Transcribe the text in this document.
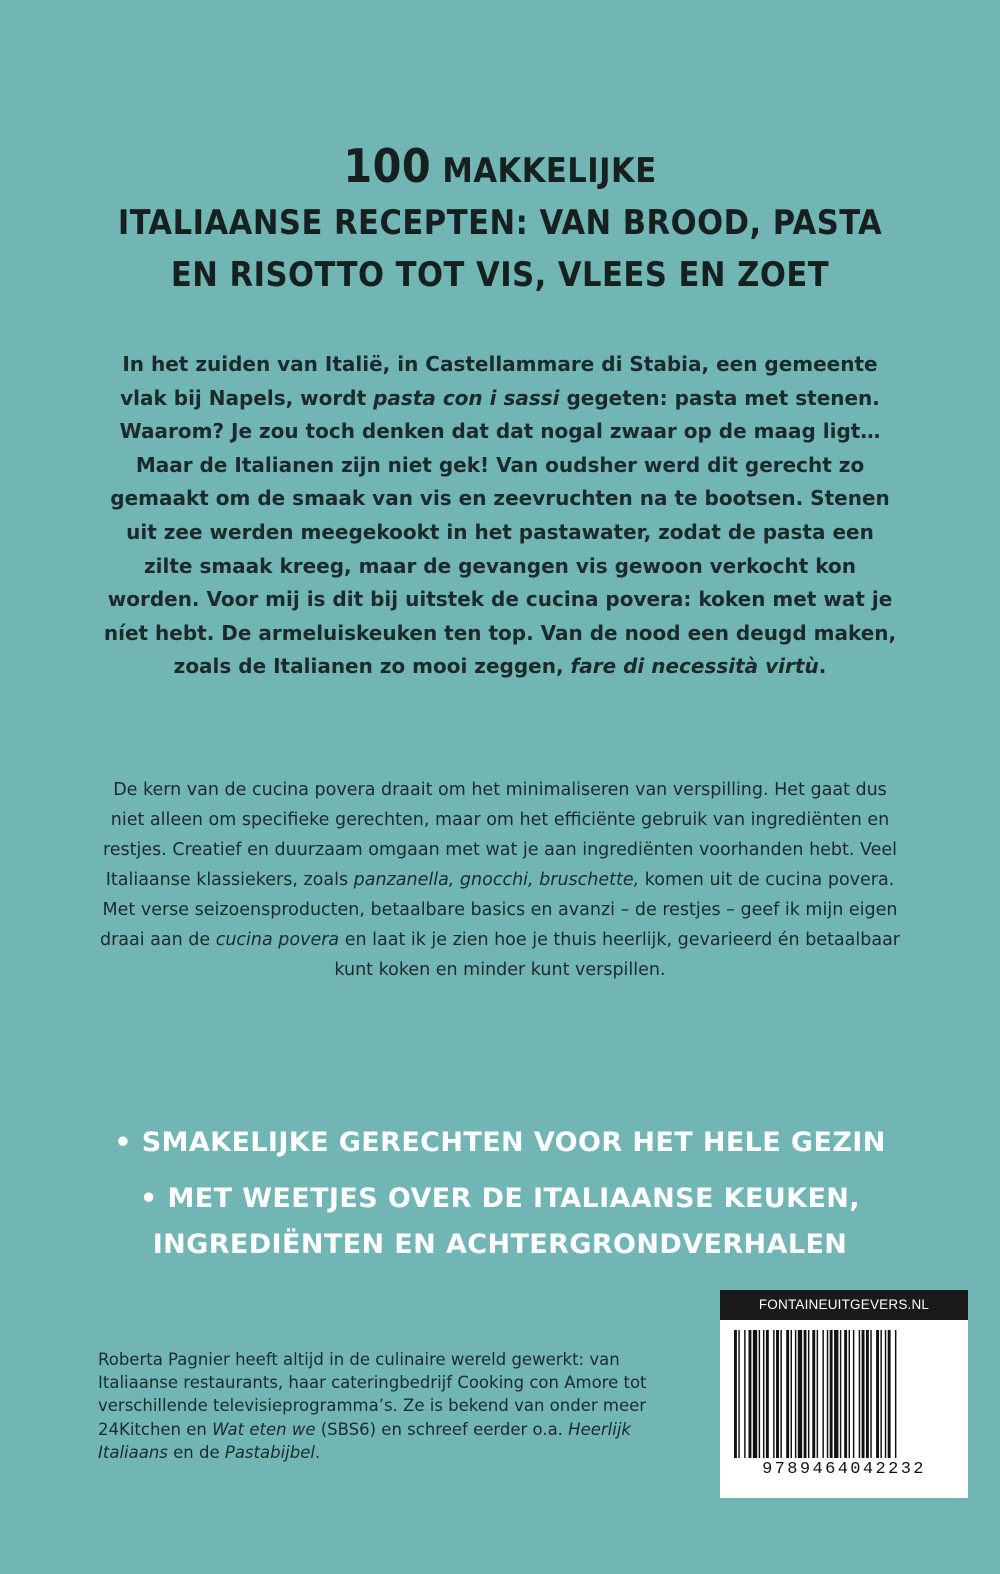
100 MAKKELIJKE
ITALIAANSE RECEPTEN: VAN BROOD, PASTA
EN RISOTTO TOT VIS, VLEES EN ZOET
In het zuiden van Italië, in Castellammare di Stabia, een gemeente vlak bij Napels, wordt pasta con i sassi gegeten: pasta met stenen. Waarom? Je zou toch denken dat dat nogal zwaar op de maag ligt… Maar de Italianen zijn niet gek! Van oudsher werd dit gerecht zo gemaakt om de smaak van vis en zeevruchten na te bootsen. Stenen uit zee werden meegekookt in het pastawater, zodat de pasta een zilte smaak kreeg, maar de gevangen vis gewoon verkocht kon worden. Voor mij is dit bij uitstek de cucina povera: koken met wat je níet hebt. De armeluiskeuken ten top. Van de nood een deugd maken, zoals de Italianen zo mooi zeggen, fare di necessità virtù.
De kern van de cucina povera draait om het minimaliseren van verspilling. Het gaat dus niet alleen om specifieke gerechten, maar om het efficiënte gebruik van ingrediënten en restjes. Creatief en duurzaam omgaan met wat je aan ingrediënten voorhanden hebt. Veel Italiaanse klassiekers, zoals panzanella, gnocchi, bruschette, komen uit de cucina povera. Met verse seizoensproducten, betaalbare basics en avanzi – de restjes – geef ik mijn eigen draai aan de cucina povera en laat ik je zien hoe je thuis heerlijk, gevarieerd én betaalbaar kunt koken en minder kunt verspillen.
• SMAKELIJKE GERECHTEN VOOR HET HELE GEZIN
• MET WEETJES OVER DE ITALIAANSE KEUKEN, INGREDIËNTEN EN ACHTERGRONDVERHALEN
Roberta Pagnier heeft altijd in de culinaire wereld gewerkt: van Italiaanse restaurants, haar cateringbedrijf Cooking con Amore tot verschillende televisieprogramma’s. Ze is bekend van onder meer 24Kitchen en Wat eten we (SBS6) en schreef eerder o.a. Heerlijk Italiaans en de Pastabijbel.
FONTAINEUITGEVERS.NL
9789464042232
